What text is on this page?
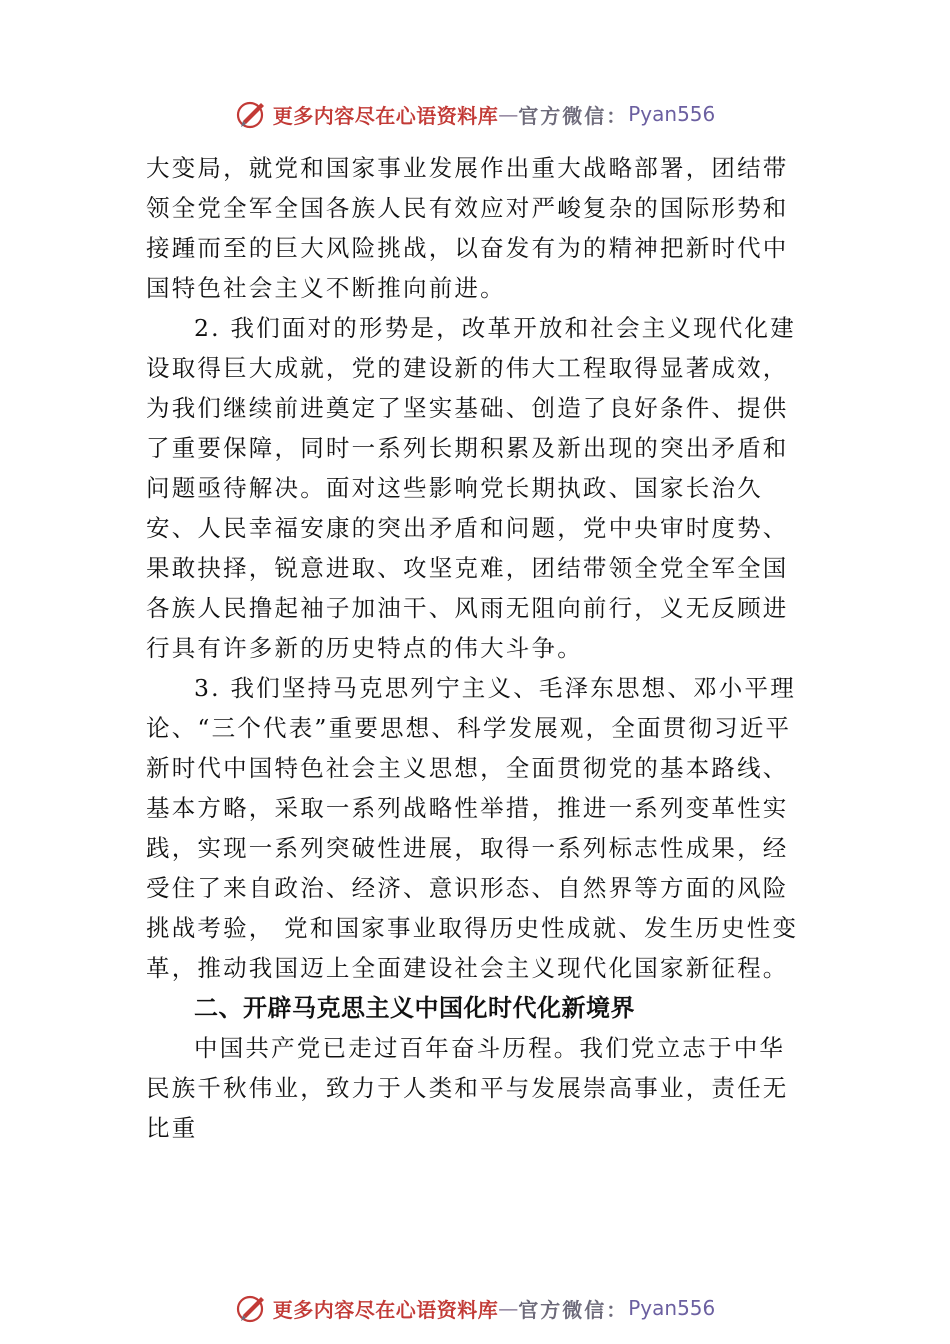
更多内容尽在心语资料库 — 官方微信： Pyan556

大变局，就党和国家事业发展作出重大战略部署，团结带领全党全军全国各族人民有效应对严峻复杂的国际形势和接踵而至的巨大风险挑战，以奋发有为的精神把新时代中国特色社会主义不断推向前进。

2. 我们面对的形势是，改革开放和社会主义现代化建设取得巨大成就，党的建设新的伟大工程取得显著成效，为我们继续前进奠定了坚实基础、创造了良好条件、提供了重要保障，同时一系列长期积累及新出现的突出矛盾和问题亟待解决。面对这些影响党长期执政、国家长治久安、人民幸福安康的突出矛盾和问题，党中央审时度势、果敢抉择，锐意进取、攻坚克难，团结带领全党全军全国各族人民撸起袖子加油干、风雨无阻向前行，义无反顾进行具有许多新的历史特点的伟大斗争。

3. 我们坚持马克思列宁主义、毛泽东思想、邓小平理论、“三个代表”重要思想、科学发展观，全面贯彻习近平新时代中国特色社会主义思想，全面贯彻党的基本路线、基本方略，采取一系列战略性举措，推进一系列变革性实践，实现一系列突破性进展，取得一系列标志性成果，经受住了来自政治、经济、意识形态、自然界等方面的风险挑战考验， 党和国家事业取得历史性成就、发生历史性变革，推动我国迈上全面建设社会主义现代化国家新征程。

二、开辟马克思主义中国化时代化新境界

中国共产党已走过百年奋斗历程。我们党立志于中华民族千秋伟业，致力于人类和平与发展崇高事业，责任无比重

更多内容尽在心语资料库 — 官方微信： Pyan556
